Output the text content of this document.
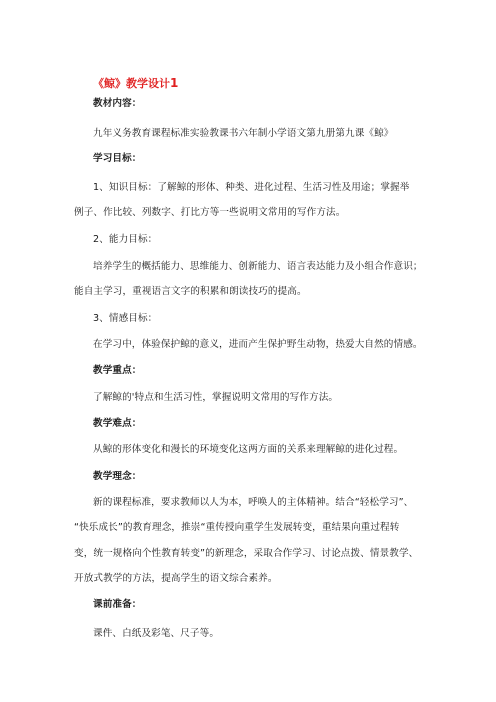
《鲸》教学设计1
教材内容：
九年义务教育课程标准实验教课书六年制小学语文第九册第九课《鲸》
学习目标：
1、知识目标：了解鲸的形体、种类、进化过程、生活习性及用途；掌握举
例子、作比较、列数字、打比方等一些说明文常用的写作方法。
2、能力目标：
培养学生的概括能力、思维能力、创新能力、语言表达能力及小组合作意识；
能自主学习，重视语言文字的积累和朗读技巧的提高。
3、情感目标：
在学习中，体验保护鲸的意义，进而产生保护野生动物，热爱大自然的情感。
教学重点：
了解鲸的'特点和生活习性，掌握说明文常用的写作方法。
教学难点：
从鲸的形体变化和漫长的环境变化这两方面的关系来理解鲸的进化过程。
教学理念：
新的课程标准，要求教师以人为本，呼唤人的主体精神。结合“轻松学习”、
“快乐成长”的教育理念，推崇“重传授向重学生发展转变，重结果向重过程转
变，统一规格向个性教育转变”的新理念，采取合作学习、讨论点拨、情景教学、
开放式教学的方法，提高学生的语文综合素养。
课前准备：
课件、白纸及彩笔、尺子等。
